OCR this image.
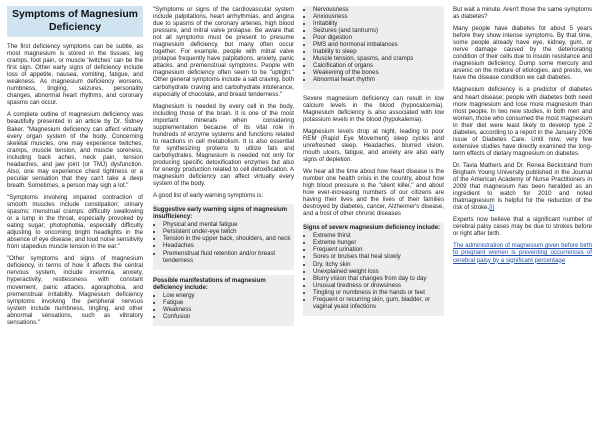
Symptoms of Magnesium Deficiency

The first deficiency symptoms can be subtle, as most magnesium is stored in the tissues; leg cramps, foot pain, or muscle 'twitches' can be the first sign. Other early signs of deficiency include loss of appetite, nausea, vomiting, fatigue, and weakness. As magnesium deficiency worsens, numbness, tingling, seizures, personality changes, abnormal heart rhythms, and coronary spasms can occur.

A complete outline of magnesium deficiency was beautifully presented in an article by Dr. Sidney Baker. "Magnesium deficiency can affect virtually every organ system of the body. Concerning skeletal muscles, one may experience twitches, cramps, muscle tension, and muscle soreness, including back aches, neck pain, tension headaches, and jaw joint (or TMJ) dysfunction. Also, one may experience chest tightness or a peculiar sensation that they can't take a deep breath. Sometimes, a person may sigh a lot."

"Symptoms involving impaired contraction of smooth muscles include constipation; urinary spasms; menstrual cramps; difficulty swallowing or a lump in the throat, especially provoked by eating sugar; photophobia, especially difficulty adjusting to oncoming bright headlights in the absence of eye disease; and loud noise sensitivity from stapedius muscle tension in the ear."

"Other symptoms and signs of magnesium deficiency, in terms of how it affects the central nervous system, include insomnia, anxiety, hyperactivity, restlessness with constant movement, panic attacks, agoraphobia, and premenstrual irritability. Magnesium deficiency symptoms involving the peripheral nervous system include numbness, tingling, and other abnormal sensations, such as vibratory sensations."

"Symptoms or signs of the cardiovascular system include palpitations, heart arrhythmias, and angina due to spasms of the coronary arteries, high blood pressure, and mitral valve prolapse. Be aware that not all symptoms must be present to presume magnesium deficiency, but many often occur together. For example, people with mitral valve prolapse frequently have palpitations, anxiety, panic attacks, and premenstrual symptoms. People with magnesium deficiency often seem to be "uptight." Other general symptoms include a salt craving, both carbohydrate craving and carbohydrate intolerance, especially of chocolate, and breast tenderness."

Magnesium is needed by every cell in the body, including those of the brain. It is one of the most important minerals when considering supplementation because of its vital role in hundreds of enzyme systems and functions related to reactions in cell metabolism. It is also essential for synthesizing proteins to utilize fats and carbohydrates. Magnesium is needed not only for producing specific detoxification enzymes but also for energy production related to cell detoxification. A magnesium deficiency can affect virtually every system of the body.

A good list of early warning symptoms is:

Suggestive early warning signs of magnesium insufficiency:

• Physical and mental fatigue
• Persistent under-eye twitch
• Tension in the upper back, shoulders, and neck
• Headaches
• Premenstrual fluid retention and/or breast tenderness

Possible manifestations of magnesium deficiency include:

• Low energy
• Fatigue
• Weakness
• Confusion
• Nervousness
• Anxiousness
• Irritability
• Seizures (and tantrums)
• Poor digestion
• PMS and hormonal imbalances
• Inability to sleep
• Muscle tension, spasms, and cramps
• Calcification of organs
• Weakening of the bones
• Abnormal heart rhythm

Severe magnesium deficiency can result in low calcium levels in the blood (hypocalcemia). Magnesium deficiency is also associated with low potassium levels in the blood (hypokalemia).

Magnesium levels drop at night, leading to poor REM (Rapid Eye Movement) sleep cycles and unrefreshed sleep. Headaches, blurred vision, mouth ulcers, fatigue, and anxiety are also early signs of depletion.

We hear all the time about how heart disease is the number one health crisis in the country, about how high blood pressure is the "silent killer," and about how ever-increasing numbers of our citizens are having their lives and the lives of their families destroyed by diabetes, cancer, Alzheimer's disease, and a host of other chronic diseases

Signs of severe magnesium deficiency include:

• Extreme thirst
• Extreme hunger
• Frequent urination
• Sores or bruises that heal slowly
• Dry, itchy skin
• Unexplained weight loss
• Blurry vision that changes from day to day
• Unusual tiredness or drowsiness
• Tingling or numbness in the hands or feet
• Frequent or recurring skin, gum, bladder, or vaginal yeast infections

But wait a minute. Aren't those the same symptoms as diabetes?

Many people have diabetes for about 5 years before they show intense symptoms. By that time, some people already have eye, kidney, gum, or nerve damage caused by the deteriorating condition of their cells due to insulin resistance and magnesium deficiency. Dump some mercury and arsenic on the mixture of etiologies, and presto, we have the disease condition we call diabetes.

Magnesium deficiency is a predictor of diabetes and heart disease; people with diabetes both need more magnesium and lose more magnesium than most people. In two new studies, in both men and women, those who consumed the most magnesium in their diet were least likely to develop type 2 diabetes, according to a report in the January 2006 issue of Diabetes Care. Until now, very few extensive studies have directly examined the long-term effects of dietary magnesium on diabetes.

Dr. Tavia Mathers and Dr. Renea Beckstrand from Brigham Young University published in the Journal of the American Academy of Nurse Practitioners in 2009 that magnesium has been heralded as an ingredient to watch for 2010 and noted thatmagnesium is helpful for the reduction of the risk of stroke.[i]

Experts now believe that a significant number of cerebral palsy cases may be due to strokes before or right after birth.

The administration of magnesium given before birth to pregnant women is preventing occurrences of cerebral palsy by a significant percentage
